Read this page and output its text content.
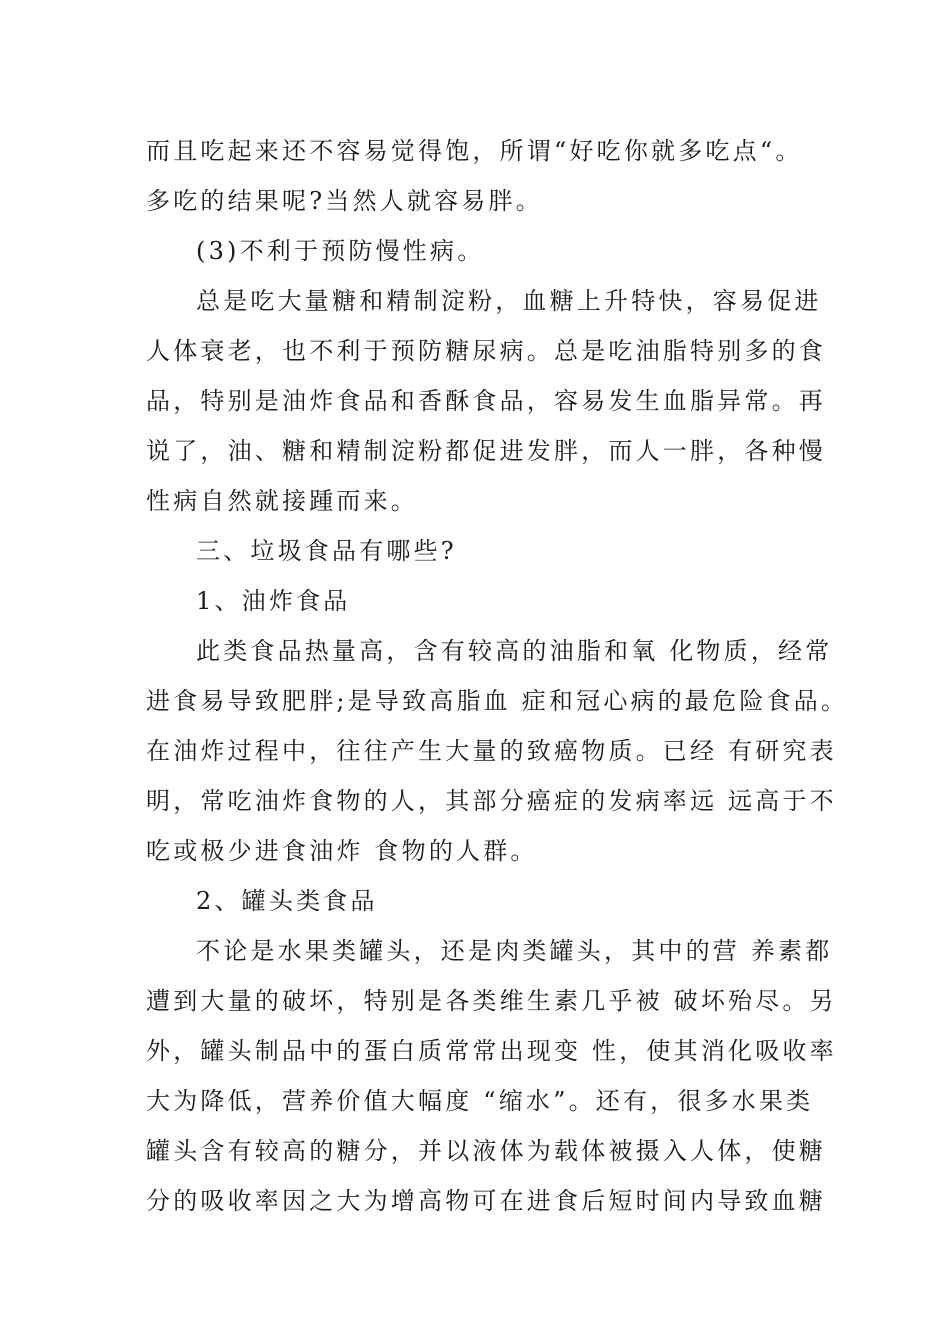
而且吃起来还不容易觉得饱，所谓“好吃你就多吃点“。
多吃的结果呢?当然人就容易胖。
(3)不利于预防慢性病。
总是吃大量糖和精制淀粉，血糖上升特快，容易促进
人体衰老，也不利于预防糖尿病。总是吃油脂特别多的食
品，特别是油炸食品和香酥食品，容易发生血脂异常。再
说了，油、糖和精制淀粉都促进发胖，而人一胖，各种慢
性病自然就接踵而来。
三、垃圾食品有哪些?
1、油炸食品
此类食品热量高，含有较高的油脂和氧 化物质，经常
进食易导致肥胖;是导致高脂血 症和冠心病的最危险食品。
在油炸过程中，往往产生大量的致癌物质。已经 有研究表
明，常吃油炸食物的人，其部分癌症的发病率远 远高于不
吃或极少进食油炸 食物的人群。
2、罐头类食品
不论是水果类罐头，还是肉类罐头，其中的营 养素都
遭到大量的破坏，特别是各类维生素几乎被 破坏殆尽。另
外，罐头制品中的蛋白质常常出现变 性，使其消化吸收率
大为降低，营养价值大幅度 “缩水”。还有，很多水果类
罐头含有较高的糖分，并以液体为载体被摄入人体，使糖
分的吸收率因之大为增高物可在进食后短时间内导致血糖
